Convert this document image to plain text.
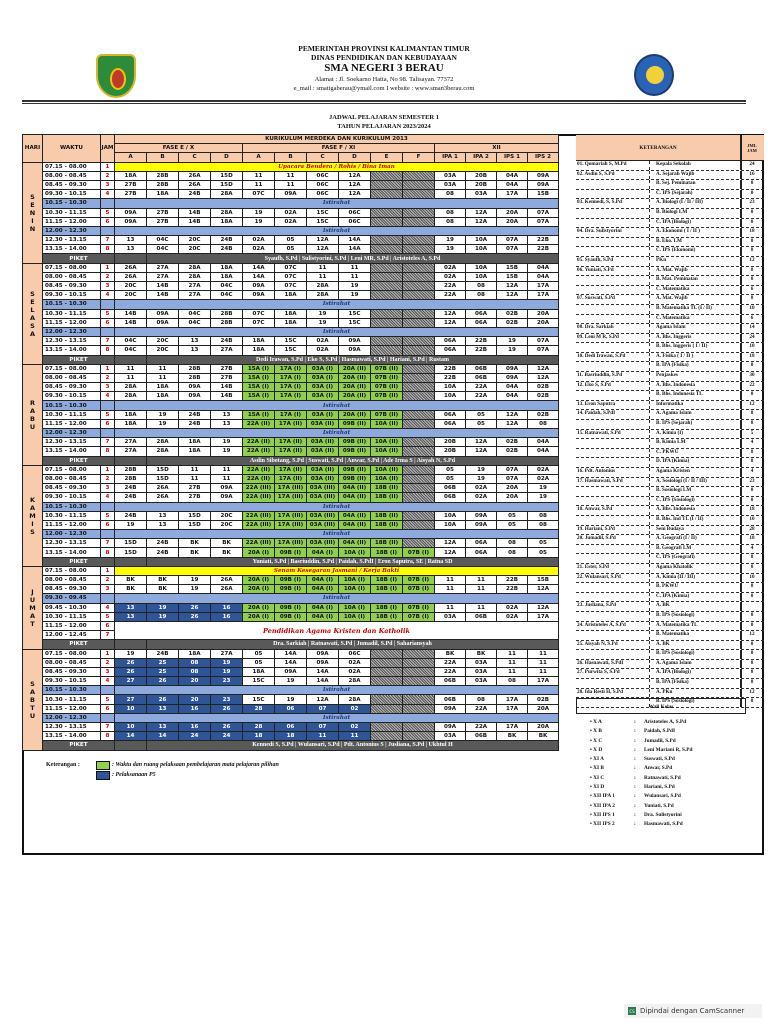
PEMERINTAH PROVINSI KALIMANTAN TIMUR
DINAS PENDIDIKAN DAN KEBUDAYAAN
SMA NEGERI 3 BERAU
Alamat : Jl. Soekarno Hatta, No 98. Talisayan. 77372
e_mail : smatigaberau@ymail.com I website : www.sman3berau.com
JADWAL PELAJARAN SEMESTER 1
TAHUN PELAJARAN 2023/2024
HARI	WAKTU	JAM	KURIKULUM MERDEKA DAN KURIKULUM 2013													
			FASE E / X				FASE F / XI						XII			
			A	B	C	D	A	B	C	D	E	F	IPA 1	IPA 2	IPS 1	IPS 2
S
E
N
I
N	07.15 - 08.00	1	Upacara Bendera / Rohis / Bina Iman													
	08.00 - 08.45	2	18A	28B	26A	15D	11	11	06C	12A			03A	20B	04A	09A
	08.45 - 09.30	3	27B	28B	26A	15D	11	11	06C	12A			03A	20B	04A	09A
	09.30 - 10.15	4	27B	18A	24B	28A	07C	09A	06C	12A			08	03A	17A	15B
	10.15 - 10.30		Istirahat													
	10.30 - 11.15	5	09A	27B	14B	28A	19	02A	15C	06C			08	12A	20A	07A
	11.15 - 12.00	6	09A	27B	14B	18A	19	02A	15C	06C			08	12A	20A	07A
	12.00 - 12.30		Istirahat													
	12.30 - 13.15	7	13	04C	20C	24B	02A	05	12A	14A			19	10A	07A	22B
	13.15 - 14.00	8	13	04C	20C	24B	02A	05	12A	14A			19	10A	07A	22B
	PIKET			Syaufh, S.Pd | Sulistyorini, S.Pd | Leni MR, S.Pd | Aristoteles A, S.Pd												
S
E
L
A
S
A	07.15 - 08.00	1	26A	27A	28A	18A	14A	07C	11	11			02A	10A	15B	04A
	08.00 - 08.45	2	26A	27A	28A	18A	14A	07C	11	11			02A	10A	15B	04A
	08.45 - 09.30	3	20C	14B	27A	04C	09A	07C	28A	19			22A	08	12A	17A
	09.30 - 10.15	4	20C	14B	27A	04C	09A	18A	28A	19			22A	08	12A	17A
	10.15 - 10.30		Istirahat													
	10.30 - 11.15	5	14B	09A	04C	28B	07C	18A	19	15C			12A	06A	02B	20A
	11.15 - 12.00	6	14B	09A	04C	28B	07C	18A	19	15C			12A	06A	02B	20A
	12.00 - 12.30		Istirahat													
	12.30 - 13.15	7	04C	20C	13	24B	18A	15C	02A	09A			06A	22B	19	07A
	13.15 - 14.00	8	04C	20C	13	27A	18A	15C	02A	09A			06A	22B	19	07A
	PIKET			Dedi Irawan, S.Pd | Eko S, S.Pd | Hasmawati, S.Pd | Hariani, S.Pd | Rustam												
R
A
B
U	07.15 - 08.00	1	11	11	28B	27B	15A (I)	17A (I)	03A (I)	20A (II)	07B (II)		22B	06B	09A	12A
	08.00 - 08.45	2	11	11	28B	27B	15A (I)	17A (I)	03A (I)	20A (II)	07B (II)		22B	06B	09A	12A
	08.45 - 09.30	3	28A	18A	09A	14B	15A (I)	17A (I)	03A (I)	20A (II)	07B (II)		10A	22A	04A	02B
	09.30 - 10.15	4	28A	18A	09A	14B	15A (I)	17A (I)	03A (I)	20A (II)	07B (II)		10A	22A	04A	02B
	10.15 - 10.30		Istirahat													
	10.30 - 11.15	5	18A	19	24B	13	15A (I)	17A (I)	03A (I)	20A (II)	07B (II)		06A	05	12A	02B
	11.15 - 12.00	6	18A	19	24B	13	22A (II)	17A (II)	03A (II)	09B (II)	10A (II)		06A	05	12A	08
	12.00 - 12.30		Istirahat													
	12.30 - 13.15	7	27A	28A	18A	19	22A (II)	17A (II)	03A (II)	09B (II)	10A (II)		20B	12A	02B	04A
	13.15 - 14.00	8	27A	28A	18A	19	22A (II)	17A (II)	03A (II)	09B (II)	10A (II)		20B	12A	02B	04A
	PIKET			Asdin Sibotang, S.Pd | Suswati, S.Pd | Anwar, S.Pd | Ade Irma S | Aisyah N, S.Pd												
K
A
M
I
S	07.15 - 08.00	1	28B	15D	11	11	22A (II)	17A (II)	03A (II)	09B (II)	10A (II)		05	19	07A	02A
	08.00 - 08.45	2	28B	15D	11	11	22A (II)	17A (II)	03A (II)	09B (II)	10A (II)		05	19	07A	02A
	08.45 - 09.30	3	24B	26A	27B	09A	22A (III)	17A (III)	03A (III)	04A (II)	18B (II)		06B	02A	20A	19
	09.30 - 10.15	4	24B	26A	27B	09A	22A (III)	17A (III)	03A (III)	04A (II)	18B (II)		06B	02A	20A	19
	10.15 - 10.30		Istirahat													
	10.30 - 11.15	5	24B	13	15D	20C	22A (III)	17A (III)	03A (III)	04A (II)	18B (II)		10A	09A	05	08
	11.15 - 12.00	6	19	13	15D	20C	22A (III)	17A (III)	03A (III)	04A (II)	18B (II)		10A	09A	05	08
	12.00 - 12.30		Istirahat													
	12.30 - 13.15	7	15D	24B	BK	BK	22A (III)	17A (III)	03A (III)	04A (II)	18B (II)		12A	06A	08	05
	13.15 - 14.00	8	15D	24B	BK	BK	20A (I)	09B (I)	04A (I)	10A (I)	18B (I)	07B (I)	12A	06A	08	05
	PIKET			Yuniati, S.Pd | Basriuddin, S.Pd | Paidah, S.PdI | Eron Saputra, SE | Ratna SD												
J
U
M
A
T	07.15 - 08.00	1	Senam Kesegaran Jasmani / Kerja Bakti													
	08.00 - 08.45	2	BK	BK	19	26A	20A (I)	09B (I)	04A (I)	10A (I)	18B (I)	07B (I)	11	11	22B	15B
	08.45 - 09.30	3	BK	BK	19	26A	20A (I)	09B (I)	04A (I)	10A (I)	18B (I)	07B (I)	11	11	22B	12A
	09.30 - 09.45		Istirahat													
	09.45 - 10.30	4	13	19	26	16	20A (I)	09B (I)	04A (I)	10A (I)	18B (I)	07B (I)	11	11	02A	12A
	10.30 - 11.15	5	13	19	26	16	20A (I)	09B (I)	04A (I)	10A (I)	18B (I)	07B (I)	03A	06B	02A	17A
	11.15 - 12.00	6	Pendidikan Agama Kristen dan Katholik													
	12.00 - 12.45	7														
	PIKET			Dra. Sarkiah | Ratnawati, S.Pd | Jumadil, S.Pd | Sahariansyah												
S
A
B
T
U	07.15 - 08.00	1	19	24B	18A	27A	05	14A	09A	06C			BK	BK	11	11
	08.00 - 08.45	2	26	25	08	19	05	14A	09A	02A			22A	03A	11	11
	08.45 - 09.30	3	26	25	08	19	18A	09A	14A	02A			22A	03A	11	11
	09.30 - 10.15	4	27	26	20	23	15C	19	14A	28A			06B	03A	08	17A
	10.15 - 10.30		Istirahat													
	10.30 - 11.15	5	27	26	20	23	15C	19	12A	28A			06B	08	17A	02B
	11.15 - 12.00	6	10	13	16	26	28	06	07	02			09A	22A	17A	20A
	12.00 - 12.30		Istirahat													
	12.30 - 13.15	7	10	13	16	26	28	06	07	02			09A	22A	17A	20A
	13.15 - 14.00	8	14	14	24	24	18	18	11	11			03A	06B	BK	BK
	PIKET			Kennedi S, S.Pd | Wulansari, S.Pd | Pdt. Antonius S | Jusliana, S.Pd | Ukhtul H												
KETERANGAN	JML JAM
01. Qomariah S, M.Pd	Kepala Sekolah	24
02. Asdin S, S.Pd	A. Sejarah Wajib	16
B. Sej. Peminatan	0
C. IPS (Sejarah)	0
03. Kennedi, S, S.Pd	A. Biologi (I / II / III)	23
B. Biologi LM	0
C. IPA (Biologi)	0
04. Dra. Sulistyorini	A. Ekonomi ( I / II )	18
B. Eko. LM	0
C. IPS (Ekonomi)	8
05. Syaufh, S.Pd	PKn	12
06. Yuniati, S.Pd	A. Mat. Wajib	8
B. Mat. Peminatan	0
C. Matematika	6
07. Suswati, S.Pd	A. Mat. Wajib	8
B. Matematika TL (I / II)	10
C. Matematika	6
08. Dra. Sarkiah	Agama Islam	14
09. Leni M R, S.Pd	A. Bhs. Inggeris	24
B. Bhs. Inggeris ( I / II)	10
10. Dedi Irawan, S.Pd	A. Fisika ( I / II )	18
B. IPA (Fisika)	0
11. Basriuddin, S.Pd	Penjaskes	30
12. Eko S, S.Pd	A. Bhs. Indonesia	22
B. Bhs. Indonesia TL	0
13. Eron Saputra	Informatika	12
14. Paidah, S.PdI	A. Agama Islam	8
B. IPS (Sejarah)	8
15. Ratnawati, S.Pd	A. Kimia (I)	5
B. Kimia LM	4
C. PKWU	8
D. IPA (Kimia)	8
16. Pdt. Antonius	Agama Kristen	4
17. Hasmawati, S.Pd	A. Sosiologi (I / II / III)	23
B. Sosiologi LM	0
C. IPS (Sosiologi)	0
18. Anwar, S.Pd	A. Bhs. Indonesia	18
B. Bhs. Ind TL (I / II)	10
19. Hariani, S.Pd	Seni Budaya	28
20. Jumadil, S.Pd	A. Geografi (I / II)	18
B. Geografi LM	4
C. IPS (Geografi)	8
21. Ester, S.Pd	Agama Khatolik	0
22. Wulansari, S.Pd	A. Kimia (II / III)	10
B. PKWU	8
C. IPA (Kimia)	0
23. Jusliana, S.Pd	A. BK
B. IPS (Sosiologi)	0
24. Aristoteles A, S.Pd	A. Matematika TL	0
B. Matematika	12
25. Aisyah N, S.Pd	A. BK	0
B. IPS (Sosiologi)	0
26. Hasnawati, S.PdI	A. Agama Islam	8
27. Purwita S, S.Pd	A. IPA (Biologi)	8
B. IPA (Fisika)	8
28. Ida Resti H, S.Pd	A. PKn	12
B. IPS (Sosiologi)	8
Wali Kelas
• X A	:	Aristoteles A, S.Pd
• X B	:	Paidah, S.PdI
• X C	:	Jumadil, S.Pd
• X D	:	Leni Mariani R, S.Pd
• XI A	:	Suswati, S.Pd
• XI B	:	Anwar, S.Pd
• XI C	:	Ratnawati, S.Pd
• XI D	:	Hariani, S.Pd
• XII IPA 1	:	Wulansari, S.Pd
• XII IPA 2	:	Yuniati, S.Pd
• XII IPS 1	:	Dra. Sulistyorini
• XII IPS 2	:	Hasmawati, S.Pd
Keterangan :	: Waktu dan ruang pelaksaan pembelajaran mata pelajaran pilihan
: Pelaksanaan P5
CS Dipindai dengan CamScanner
